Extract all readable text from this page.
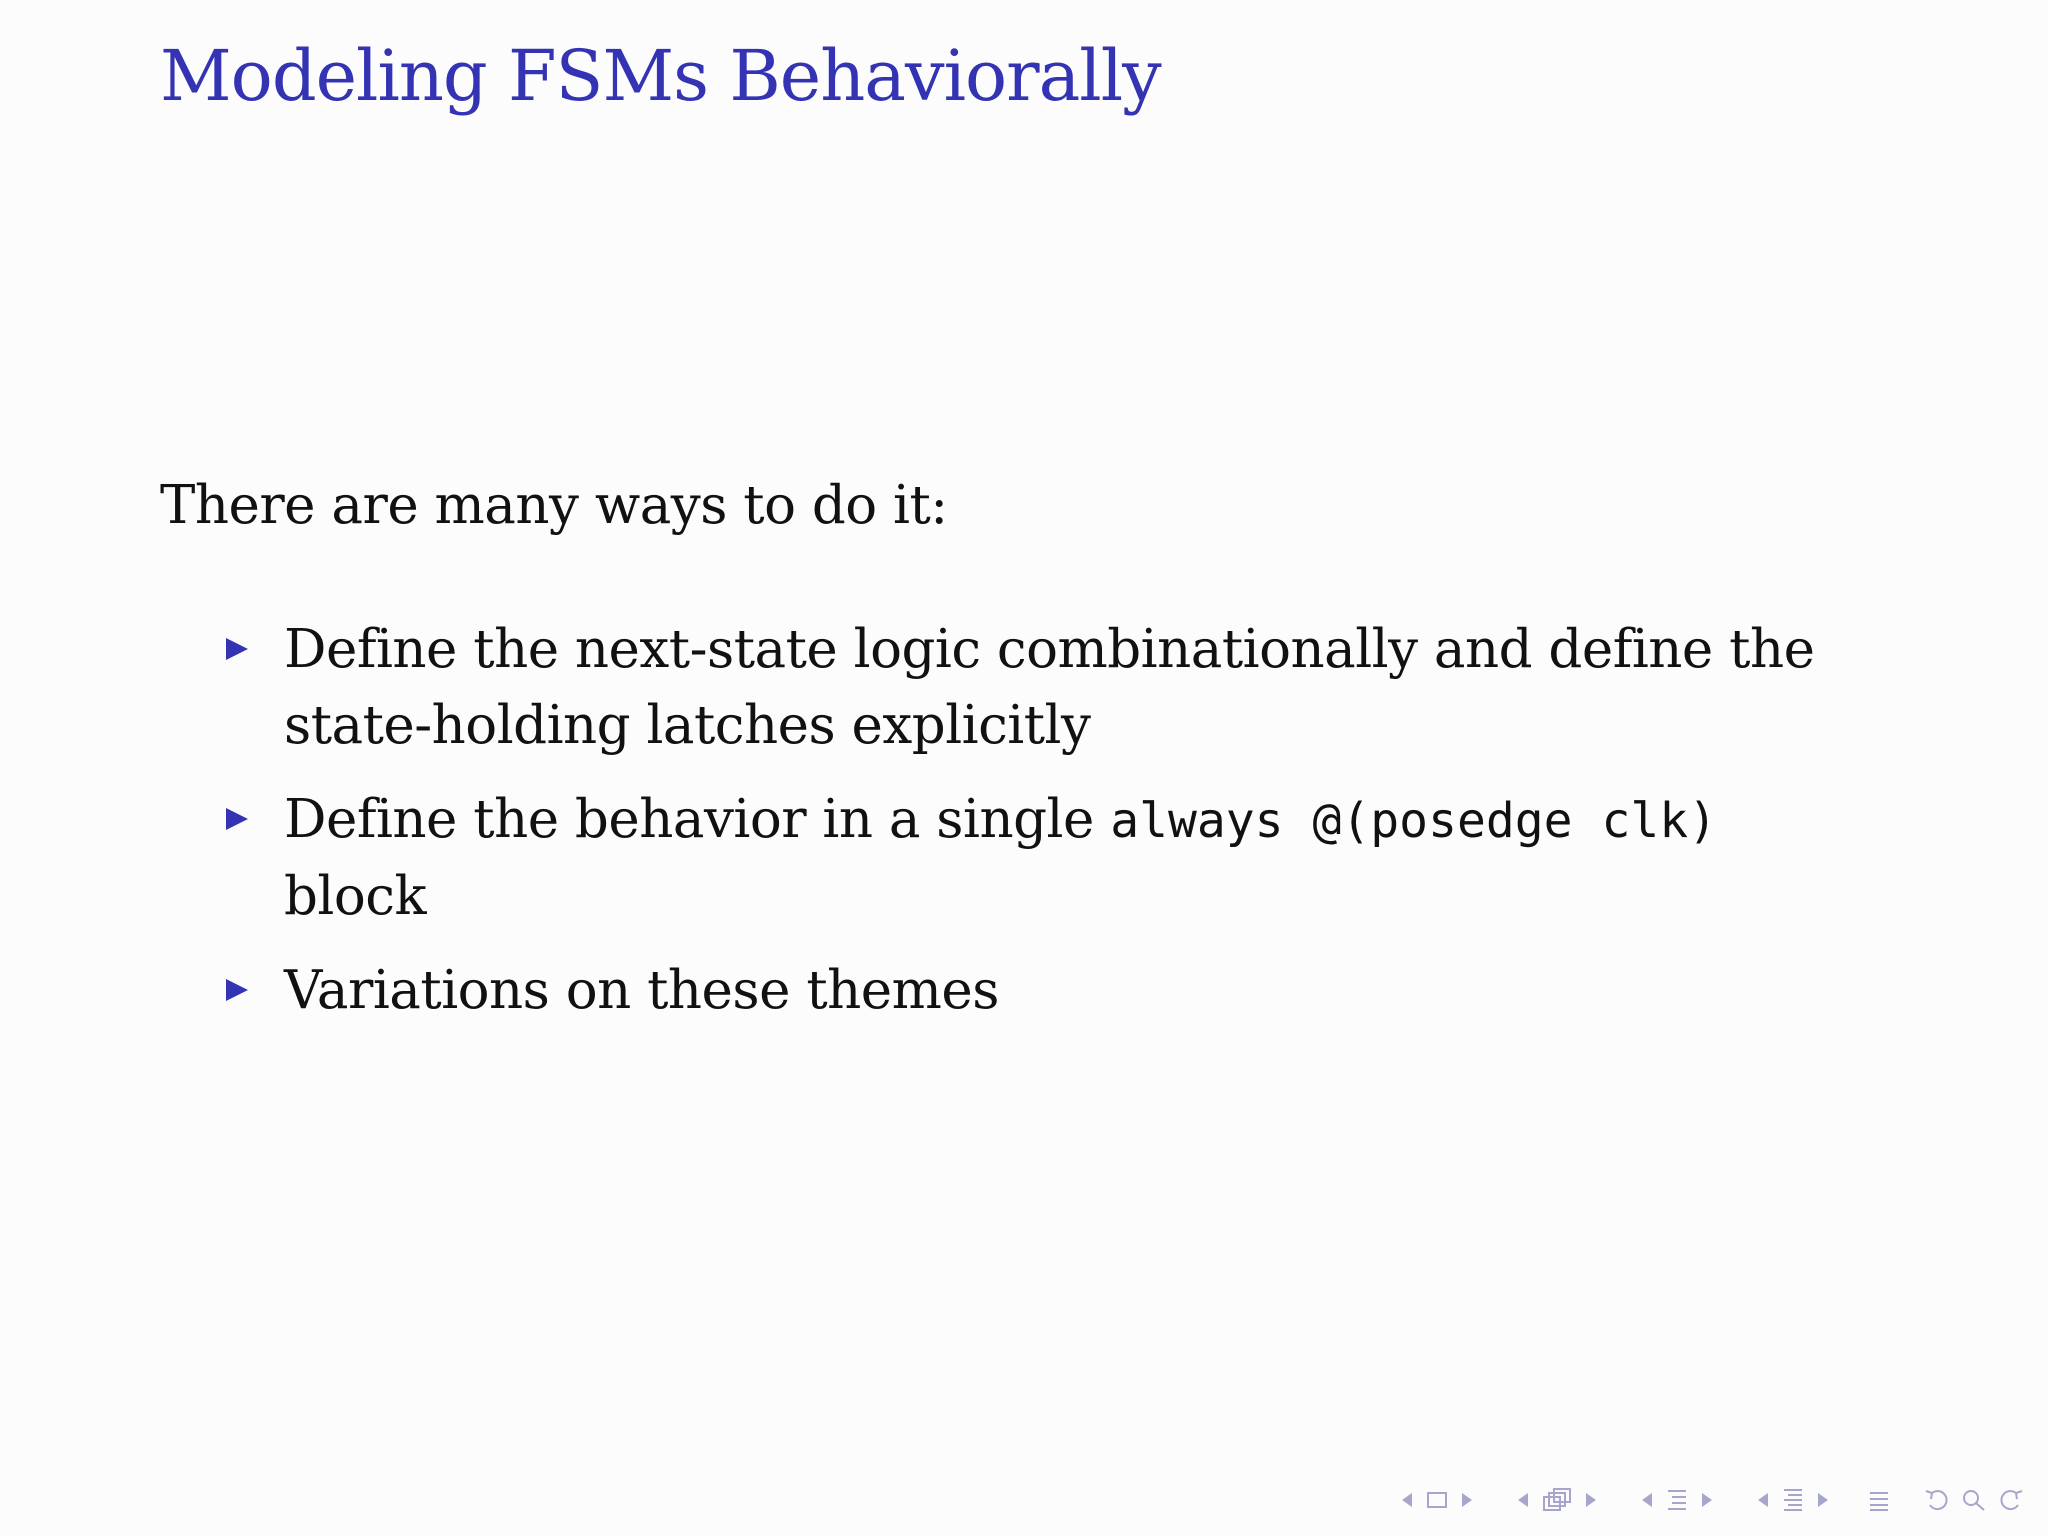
Modeling FSMs Behaviorally
There are many ways to do it:
Define the next-state logic combinationally and define the state-holding latches explicitly
Define the behavior in a single always @(posedge clk) block
Variations on these themes
